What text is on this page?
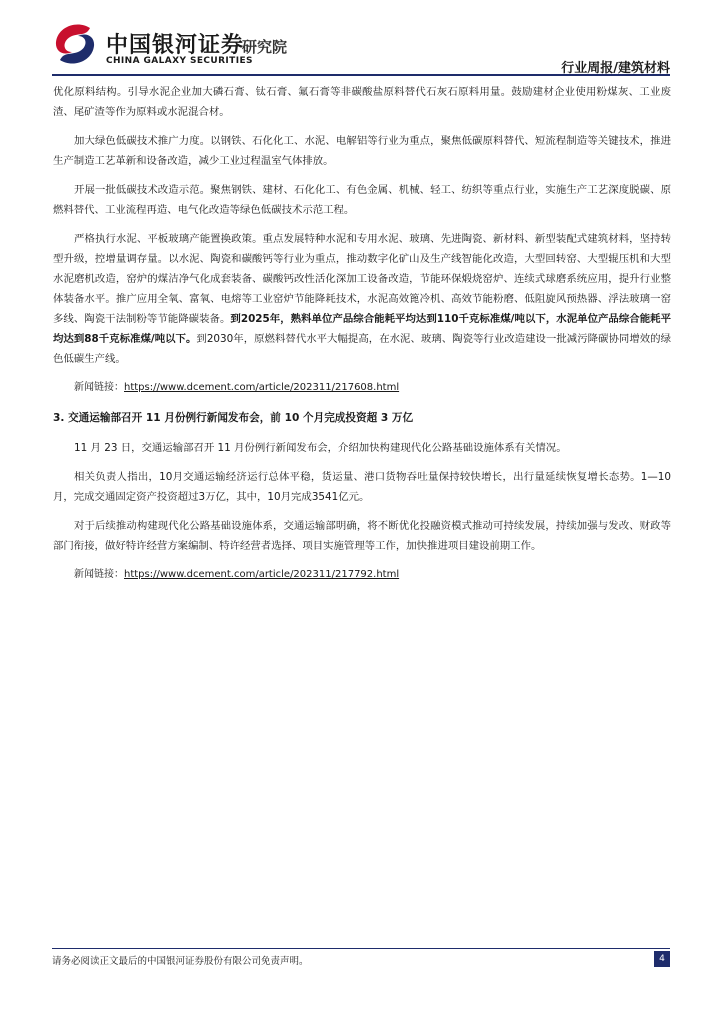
中国银河证券
CHINA GALAXY SECURITIES
研究院
行业周报/建筑材料

优化原料结构。引导水泥企业加大磷石膏、钛石膏、氟石膏等非碳酸盐原料替代石灰石原料用量。鼓励建材企业使用粉煤灰、工业废渣、尾矿渣等作为原料或水泥混合材。

加大绿色低碳技术推广力度。以钢铁、石化化工、水泥、电解铝等行业为重点，聚焦低碳原料替代、短流程制造等关键技术，推进生产制造工艺革新和设备改造，减少工业过程温室气体排放。

开展一批低碳技术改造示范。聚焦钢铁、建材、石化化工、有色金属、机械、轻工、纺织等重点行业，实施生产工艺深度脱碳、原燃料替代、工业流程再造、电气化改造等绿色低碳技术示范工程。

严格执行水泥、平板玻璃产能置换政策。重点发展特种水泥和专用水泥、玻璃、先进陶瓷、新材料、新型装配式建筑材料，坚持转型升级，控增量调存量。以水泥、陶瓷和碳酸钙等行业为重点，推动数字化矿山及生产线智能化改造，大型回转窑、大型辊压机和大型水泥磨机改造，窑炉的煤洁净气化成套装备、碳酸钙改性活化深加工设备改造，节能环保煅烧窑炉、连续式球磨系统应用，提升行业整体装备水平。推广应用全氧、富氧、电熔等工业窑炉节能降耗技术，水泥高效篦冷机、高效节能粉磨、低阻旋风预热器、浮法玻璃一窑多线、陶瓷干法制粉等节能降碳装备。到2025年，熟料单位产品综合能耗平均达到110千克标准煤/吨以下，水泥单位产品综合能耗平均达到88千克标准煤/吨以下。到2030年，原燃料替代水平大幅提高，在水泥、玻璃、陶瓷等行业改造建设一批减污降碳协同增效的绿色低碳生产线。

新闻链接：https://www.dcement.com/article/202311/217608.html
3. 交通运输部召开 11 月份例行新闻发布会，前 10 个月完成投资超 3 万亿

11 月 23 日，交通运输部召开 11 月份例行新闻发布会，介绍加快构建现代化公路基础设施体系有关情况。

相关负责人指出，10月交通运输经济运行总体平稳，货运量、港口货物吞吐量保持较快增长，出行量延续恢复增长态势。1—10月，完成交通固定资产投资超过3万亿，其中，10月完成3541亿元。

对于后续推动构建现代化公路基础设施体系，交通运输部明确，将不断优化投融资模式推动可持续发展，持续加强与发改、财政等部门衔接，做好特许经营方案编制、特许经营者选择、项目实施管理等工作，加快推进项目建设前期工作。

新闻链接：https://www.dcement.com/article/202311/217792.html
请务必阅读正文最后的中国银河证券股份有限公司免责声明。	4
